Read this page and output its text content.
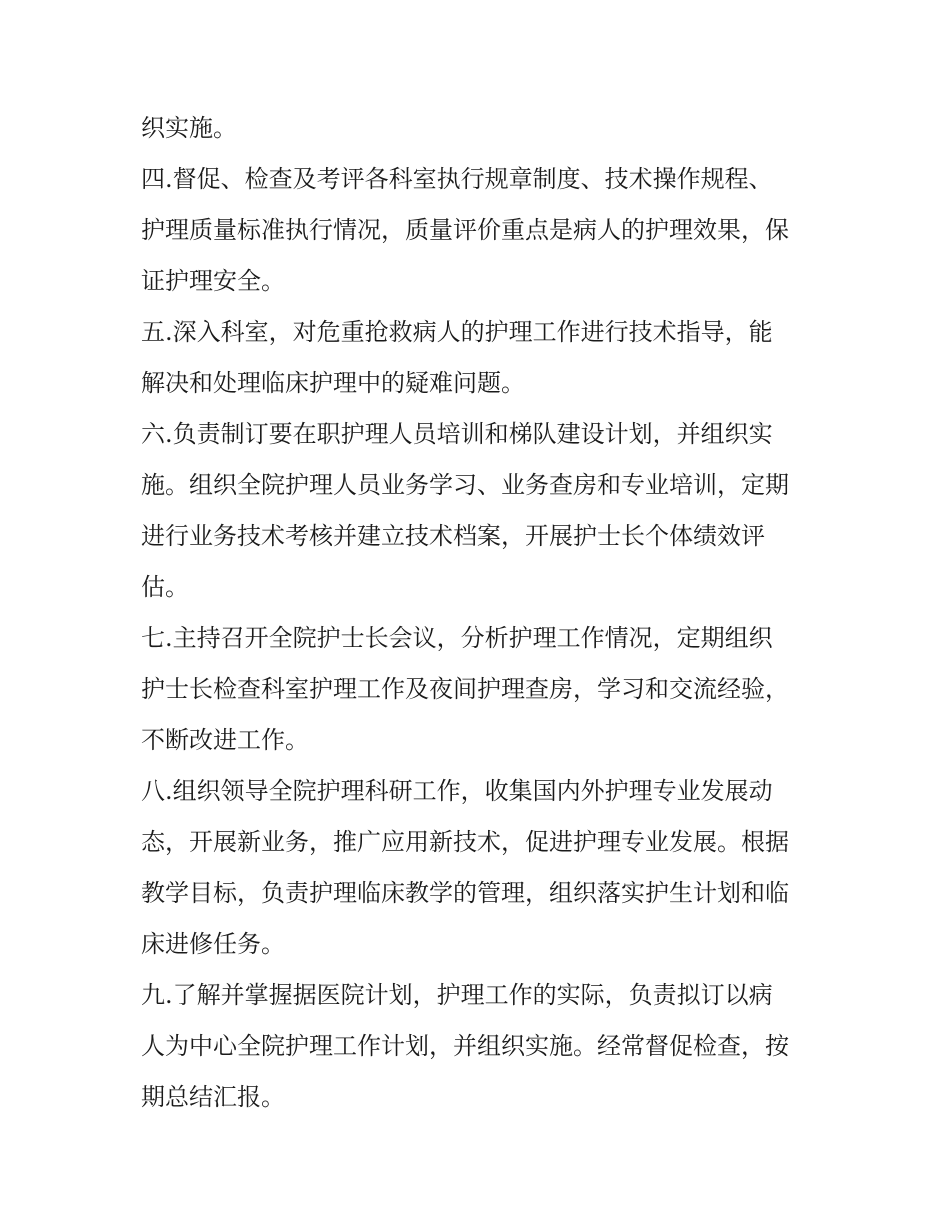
织实施。
四.督促、检查及考评各科室执行规章制度、技术操作规程、
护理质量标准执行情况，质量评价重点是病人的护理效果，保
证护理安全。
五.深入科室，对危重抢救病人的护理工作进行技术指导，能
解决和处理临床护理中的疑难问题。
六.负责制订要在职护理人员培训和梯队建设计划，并组织实
施。组织全院护理人员业务学习、业务查房和专业培训，定期
进行业务技术考核并建立技术档案，开展护士长个体绩效评
估。
七.主持召开全院护士长会议，分析护理工作情况，定期组织
护士长检查科室护理工作及夜间护理查房，学习和交流经验，
不断改进工作。
八.组织领导全院护理科研工作，收集国内外护理专业发展动
态，开展新业务，推广应用新技术，促进护理专业发展。根据
教学目标，负责护理临床教学的管理，组织落实护生计划和临
床进修任务。
九.了解并掌握据医院计划，护理工作的实际，负责拟订以病
人为中心全院护理工作计划，并组织实施。经常督促检查，按
期总结汇报。
